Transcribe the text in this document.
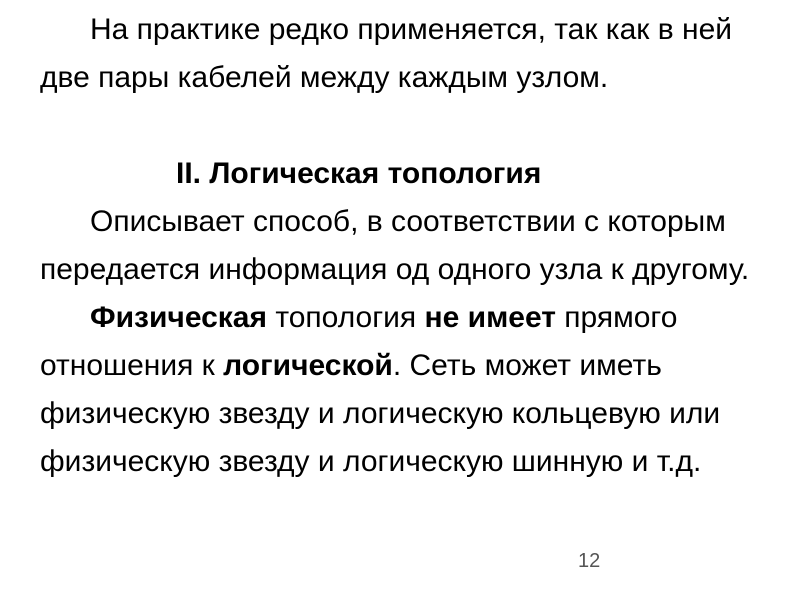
На практике редко применяется, так как в ней две пары кабелей между каждым узлом.

II. Логическая топология

Описывает способ, в соответствии с которым передается информация од одного узла к другому.

Физическая топология не имеет прямого отношения к логической. Сеть может иметь физическую звезду и логическую кольцевую или физическую звезду и логическую шинную и т.д.

12
